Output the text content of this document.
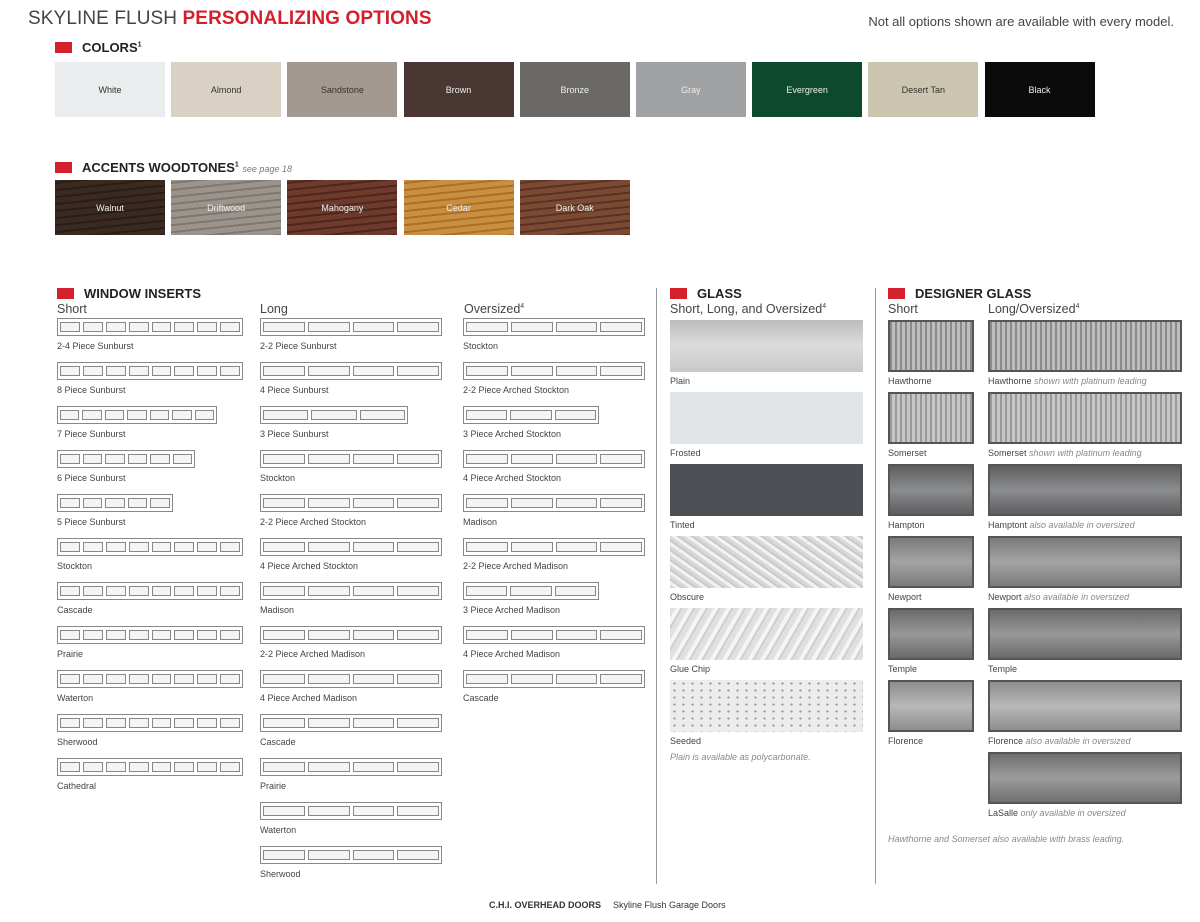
SKYLINE FLUSH PERSONALIZING OPTIONS	Not all options shown are available with every model.
COLORS$^1$
White	Almond	Sandstone	Brown	Bronze	Gray	Evergreen	Desert Tan	Black
ACCENTS WOODTONES$^1$ see page 18
Walnut	Driftwood	Mahogany	Cedar	Dark Oak
WINDOW INSERTS
Short	Long	Oversized$^4$
2-4 Piece Sunburst
8 Piece Sunburst
7 Piece Sunburst
6 Piece Sunburst
5 Piece Sunburst
Stockton
Cascade
Prairie
Waterton
Sherwood
Cathedral
2-2 Piece Sunburst
4 Piece Sunburst
3 Piece Sunburst
Stockton
2-2 Piece Arched Stockton
4 Piece Arched Stockton
Madison
2-2 Piece Arched Madison
4 Piece Arched Madison
Cascade
Prairie
Waterton
Sherwood
Stockton
2-2 Piece Arched Stockton
3 Piece Arched Stockton
4 Piece Arched Stockton
Madison
2-2 Piece Arched Madison
3 Piece Arched Madison
4 Piece Arched Madison
Cascade
GLASS
Short, Long, and Oversized$^4$
Plain
Frosted
Tinted
Obscure
Glue Chip
Seeded
Plain is available as polycarbonate.
DESIGNER GLASS
Short	Long/Oversized$^4$
Hawthorne	Hawthorne shown with platinum leading
Somerset	Somerset shown with platinum leading
Hampton	Hamptont also available in oversized
Newport	Newport also available in oversized
Temple	Temple
Florence	Florence also available in oversized
LaSalle only available in oversized
Hawthorne and Somerset also available with brass leading.
C.H.I. OVERHEAD DOORS Skyline Flush Garage Doors
